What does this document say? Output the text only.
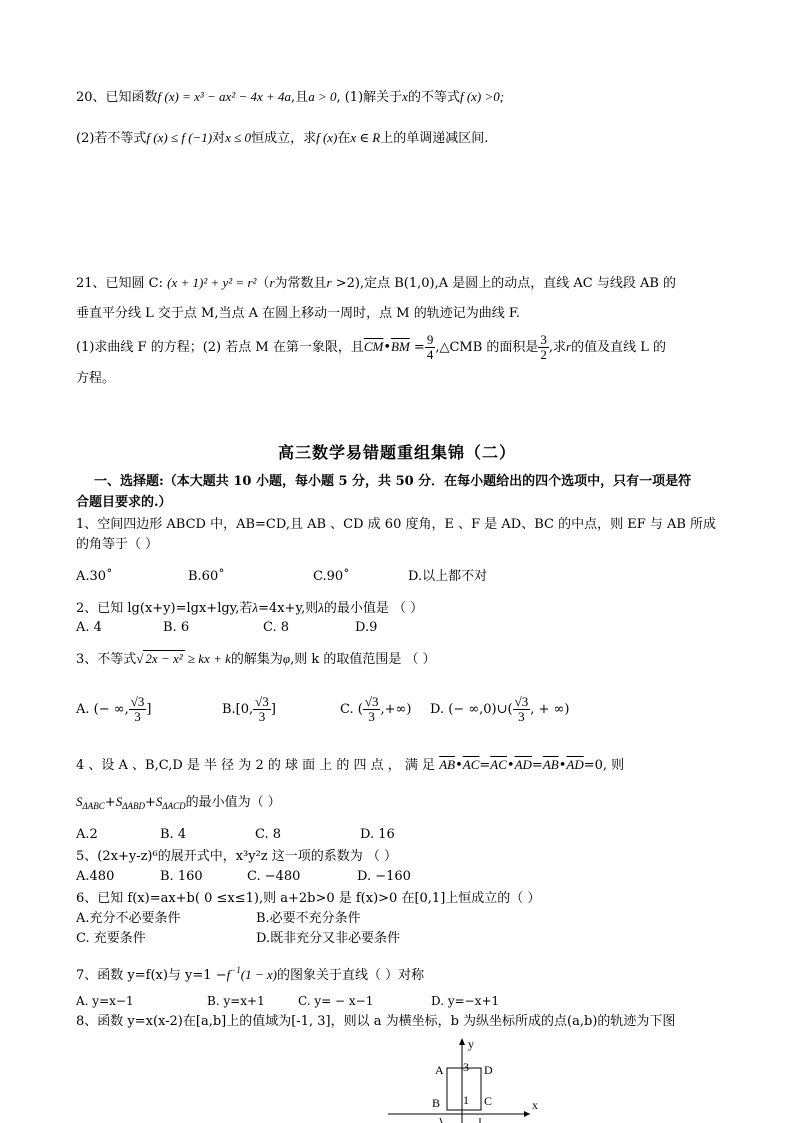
20、已知函数f (x) = x³ − ax² − 4x + 4a,且a > 0, (1)解关于x的不等式f (x) >0;
(2)若不等式f (x) ≤ f (−1)对x ≤ 0恒成立，求f (x)在x ∈ R上的单调递减区间.
21、已知圆 C: (x + 1)² + y² = r²（r为常数且r >2),定点 B(1,0),A 是圆上的动点，直线 AC 与线段 AB 的
垂直平分线 L 交于点 M,当点 A 在圆上移动一周时，点 M 的轨迹记为曲线 F.
(1)求曲线 F 的方程；(2) 若点 M 在第一象限，且$\overline{CM}•\overline{BM} = \frac{9}{4}$ ,△CMB 的面积是 $\frac{3}{2}$ ,求r的值及直线 L 的
方程。
高三数学易错题重组集锦（二）
一、选择题:（本大题共 10 小题，每小题 5 分，共 50 分．在每小题给出的四个选项中，只有一项是符
合题目要求的.）
1、空间四边形 ABCD 中，AB=CD,且 AB 、CD 成 60 度角，E 、F 是 AD、BC 的中点，则 EF 与 AB 所成
的角等于（ ）
A.30˚	B.60˚	C.90˚	D.以上都不对
2、已知 lg(x+y)=lgx+lgy,若λ=4x+y,则λ的最小值是 （ ）
A. 4	B. 6	C. 8	D.9
3、不等式√ 2x − x² ≥ kx + k的解集为φ,则 k 的取值范围是 （ ）
A. (− ∞, $\frac{√3}{3}$ ]	B.[0, $\frac{√3}{3}$ ]	C. ( $\frac{√3}{3}$ ,+∞) D. (− ∞,0)∪( $\frac{√3}{3}$ , + ∞)
4 、设 A 、B,C,D 是 半 径 为 2 的 球 面 上 的 四 点 ， 满 足 $\overline{AB}•\overline{AC}=\overline{AC}•\overline{AD}=\overline{AB}•\overline{AD}=0$, 则
$S_{\Delta ABC}+S_{\Delta ABD}+S_{\Delta ACD}$的最小值为（ ）
A.2	B. 4	C. 8	D. 16
5、(2x+y-z)⁶的展开式中，x³y²z 这一项的系数为 （ ）
A.480	B. 160	C. −480	D. −160
6、已知 f(x)=ax+b( 0 ≤x≤1),则 a+2b>0 是 f(x)>0 在[0,1]上恒成立的（ ）
A.充分不必要条件	B.必要不充分条件
C. 充要条件	D.既非充分又非必要条件
7、函数 y=f(x)与 $y=1 -f^{-1}(1 - x)$的图象关于直线（ ）对称
A. y=x−1	B. y=x+1	C. y= − x−1	D. y=−x+1
8、函数 y=x(x-2)在[a,b]上的值域为[-1, 3]，则以 a 为横坐标，b 为纵坐标所成的点(a,b)的轨迹为下图
y
x
A 3 D
B 1 C
